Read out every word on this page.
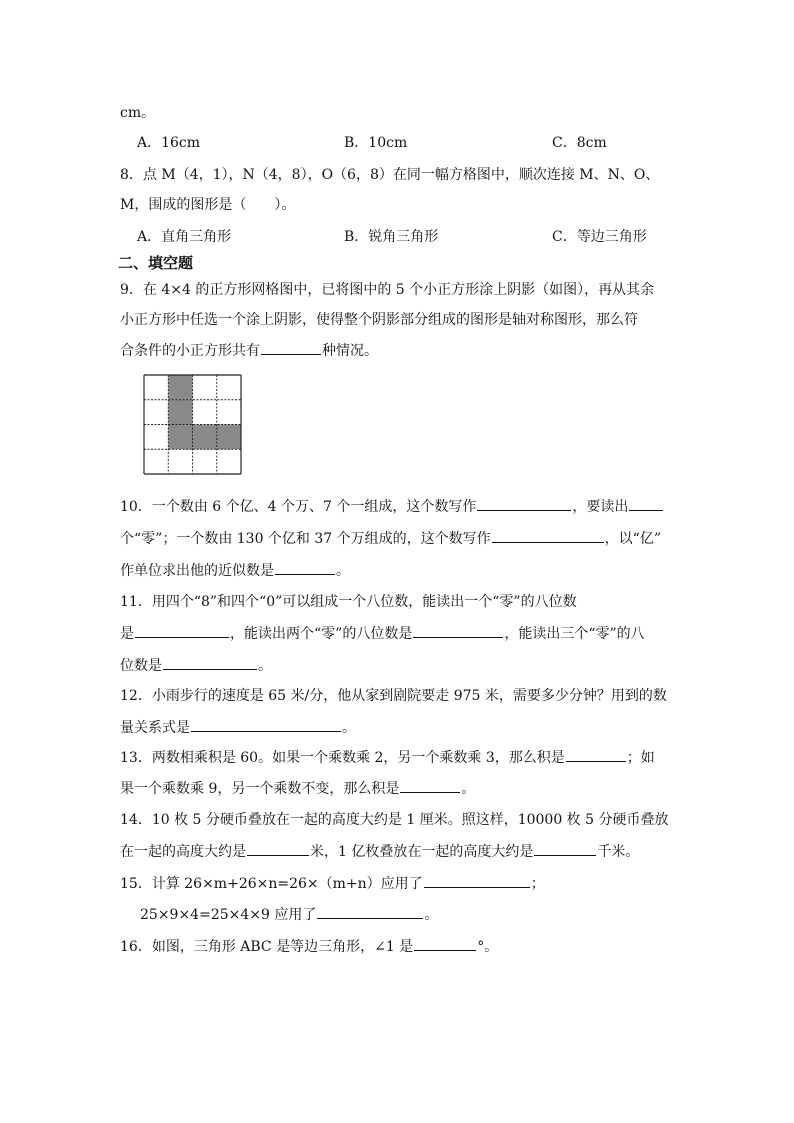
cm。
A．16cm	B．10cm	C．8cm
8．点 M（4，1），N（4，8），O（6，8）在同一幅方格图中，顺次连接 M、N、O、
M，围成的图形是（　　）。
A．直角三角形	B．锐角三角形	C．等边三角形
二、填空题
9．在 4×4 的正方形网格图中，已将图中的 5 个小正方形涂上阴影（如图），再从其余
小正方形中任选一个涂上阴影，使得整个阴影部分组成的图形是轴对称图形，那么符
合条件的小正方形共有	种情况。
10．一个数由 6 个亿、4 个万、7 个一组成，这个数写作	，要读出
个“零”；一个数由 130 个亿和 37 个万组成的，这个数写作	，以“亿”
作单位求出他的近似数是	。
11．用四个“8”和四个“0”可以组成一个八位数，能读出一个“零”的八位数
是	，能读出两个“零”的八位数是	，能读出三个“零”的八
位数是	。
12．小雨步行的速度是 65 米/分，他从家到剧院要走 975 米，需要多少分钟？用到的数
量关系式是	。
13．两数相乘积是 60。如果一个乘数乘 2，另一个乘数乘 3，那么积是	；如
果一个乘数乘 9，另一个乘数不变，那么积是	。
14．10 枚 5 分硬币叠放在一起的高度大约是 1 厘米。照这样，10000 枚 5 分硬币叠放
在一起的高度大约是	米，1 亿枚叠放在一起的高度大约是	千米。
15．计算 26×m+26×n=26×（m+n）应用了	；
25×9×4=25×4×9 应用了	。
16．如图，三角形 ABC 是等边三角形，∠1 是	°。
